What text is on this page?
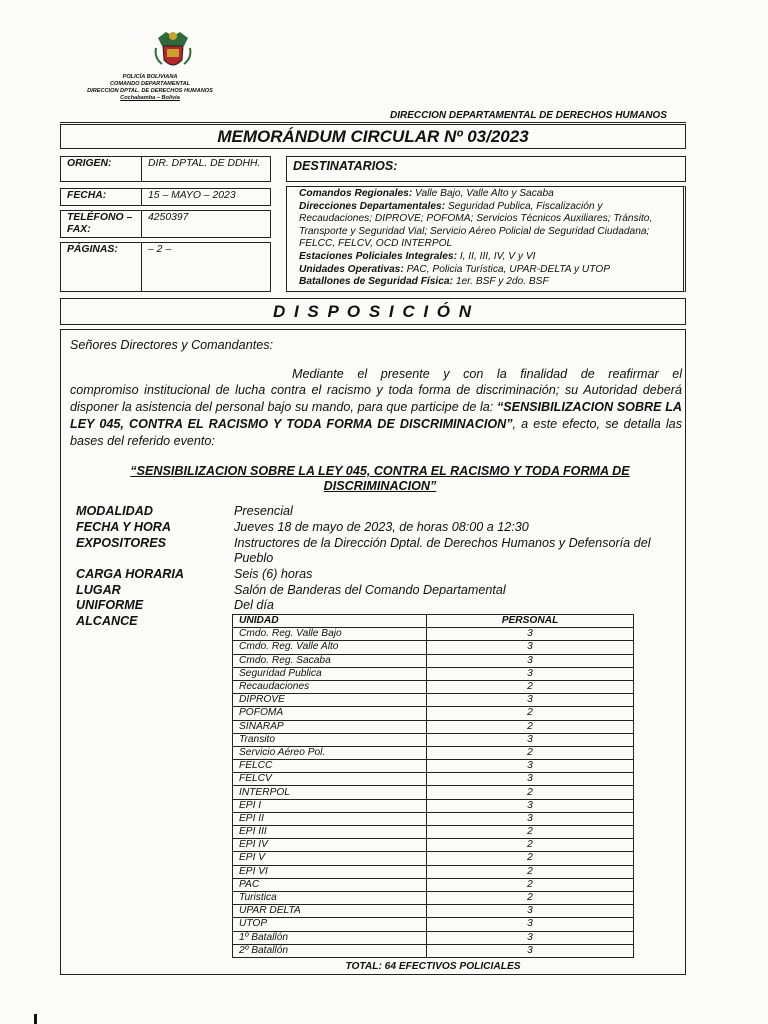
POLICÍA BOLIVIANA
COMANDO DEPARTAMENTAL
DIRECCION DPTAL. DE DERECHOS HUMANOS
Cochabamba – Bolivia
DIRECCION DEPARTAMENTAL DE DERECHOS HUMANOS
MEMORÁNDUM CIRCULAR Nº 03/2023
ORIGEN:	DIR. DPTAL. DE DDHH.
FECHA:	15 – MAYO – 2023
TELÉFONO – FAX:
4250397
PÁGINAS:	– 2 –
DESTINATARIOS:
Comandos Regionales: Valle Bajo, Valle Alto y Sacaba
Direcciones Departamentales: Seguridad Publica, Fiscalización y Recaudaciones; DIPROVE; POFOMA; Servicios Técnicos Auxiliares; Tránsito, Transporte y Seguridad Vial; Servicio Aéreo Policial de Seguridad Ciudadana; FELCC, FELCV, OCD INTERPOL
Estaciones Policiales Integrales: I, II, III, IV, V y VI
Unidades Operativas: PAC, Policia Turística, UPAR-DELTA y UTOP
Batallones de Seguridad Física: 1er. BSF y 2do. BSF
D I S P O S I C I Ó N
Señores Directores y Comandantes:
Mediante el presente y con la finalidad de reafirmar el
compromiso institucional de lucha contra el racismo y toda forma de discriminación; su Autoridad deberá disponer la asistencia del personal bajo su mando, para que participe de la: “SENSIBILIZACION SOBRE LA LEY 045, CONTRA EL RACISMO Y TODA FORMA DE DISCRIMINACION”, a este efecto, se detalla las bases del referido evento:
“SENSIBILIZACION SOBRE LA LEY 045, CONTRA EL RACISMO Y TODA FORMA DE DISCRIMINACION”
MODALIDAD	Presencial
FECHA Y HORA	Jueves 18 de mayo de 2023, de horas 08:00 a 12:30
EXPOSITORES	Instructores de la Dirección Dptal. de Derechos Humanos y Defensoría del Pueblo
CARGA HORARIA	Seis (6) horas
LUGAR	Salón de Banderas del Comando Departamental
UNIFORME	Del día
ALCANCE	UNIDAD	PERSONAL
Cmdo. Reg. Valle Bajo	3
Cmdo. Reg. Valle Alto	3
Cmdo. Reg. Sacaba	3
Seguridad Publica	3
Recaudaciones	2
DIPROVE	3
POFOMA	2
SINARAP	2
Transito	3
Servicio Aéreo Pol.	2
FELCC	3
FELCV	3
INTERPOL	2
EPI I	3
EPI II	3
EPI III	2
EPI IV	2
EPI V	2
EPI VI	2
PAC	2
Turistica	2
UPAR DELTA	3
UTOP	3
1º Batallón	3
2º Batallón	3
TOTAL: 64 EFECTIVOS POLICIALES
